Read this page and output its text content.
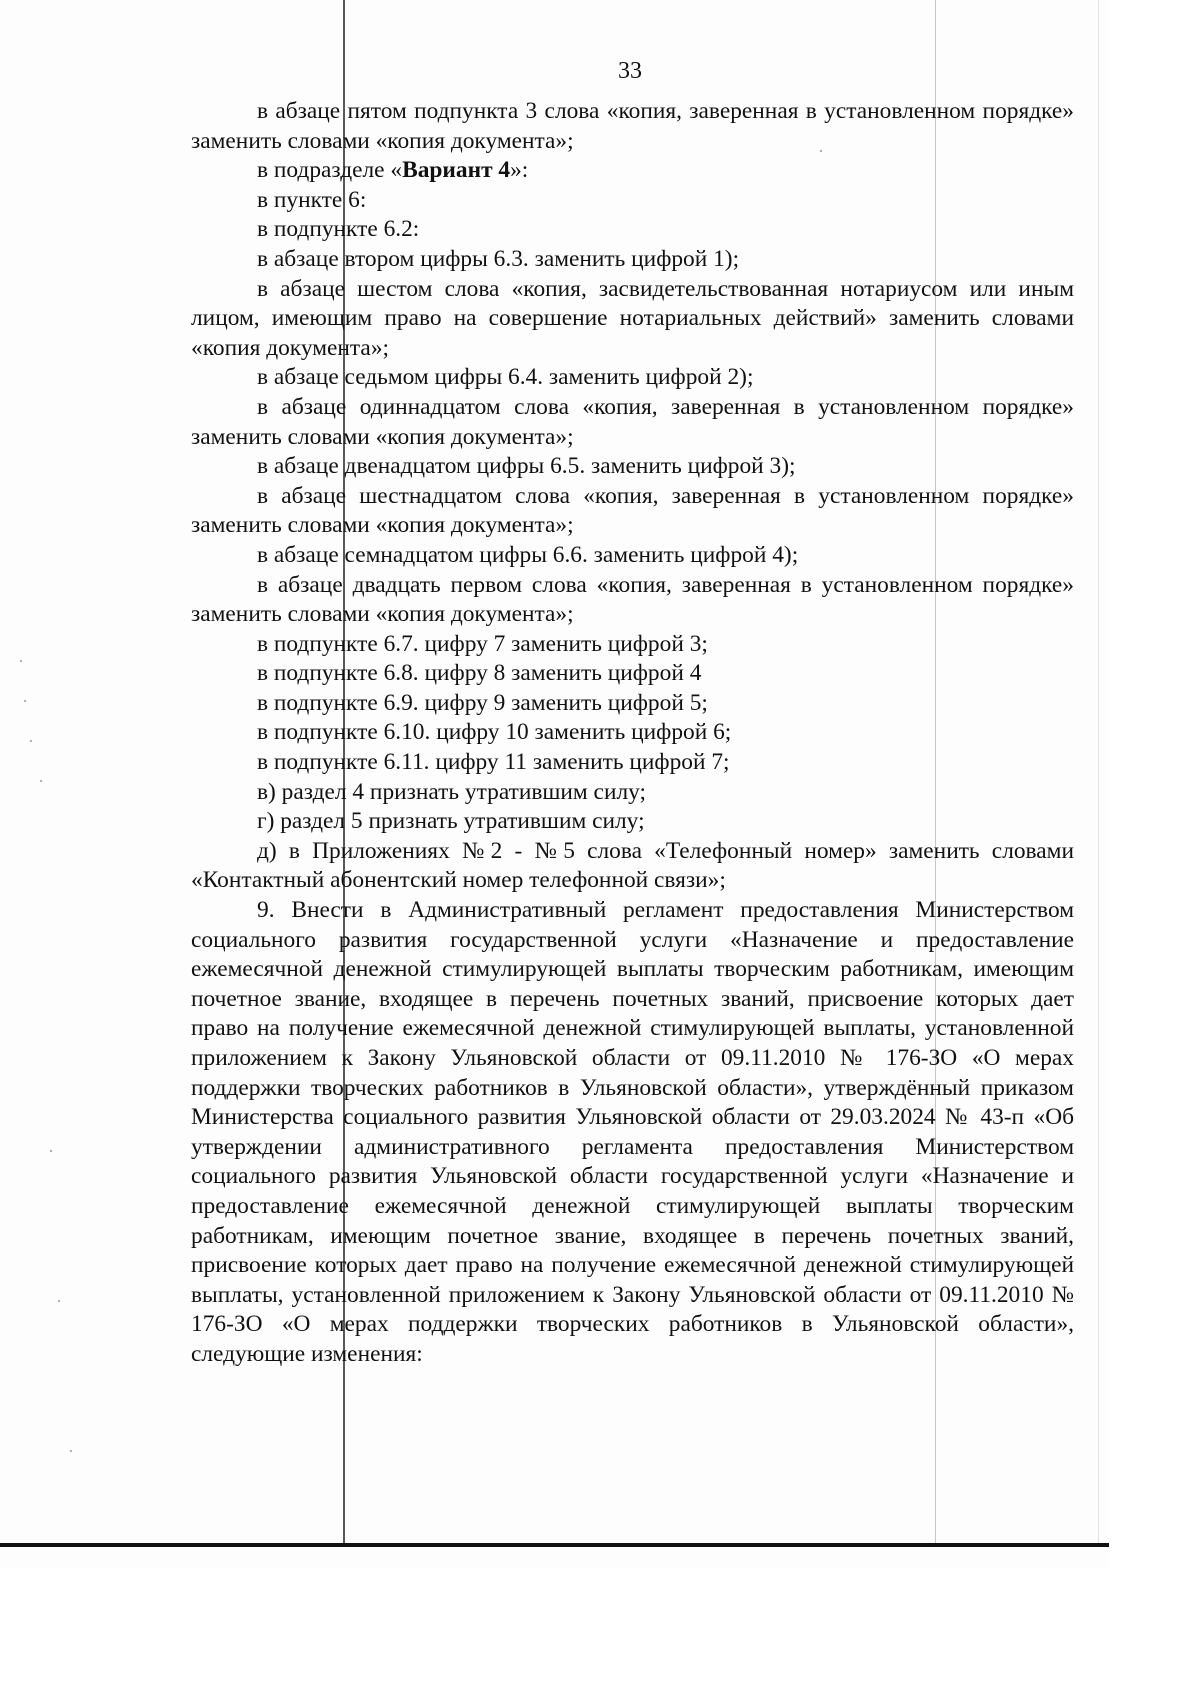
33

в абзаце пятом подпункта 3 слова «копия, заверенная в установленном порядке» заменить словами «копия документа»;

в подразделе «Вариант 4»:

в пункте 6:

в подпункте 6.2:

в абзаце втором цифры 6.3. заменить цифрой 1);

в абзаце шестом слова «копия, засвидетельствованная нотариусом или иным лицом, имеющим право на совершение нотариальных действий» заменить словами «копия документа»;

в абзаце седьмом цифры 6.4. заменить цифрой 2);

в абзаце одиннадцатом слова «копия, заверенная в установленном порядке» заменить словами «копия документа»;

в абзаце двенадцатом цифры 6.5. заменить цифрой 3);

в абзаце шестнадцатом слова «копия, заверенная в установленном порядке» заменить словами «копия документа»;

в абзаце семнадцатом цифры 6.6. заменить цифрой 4);

в абзаце двадцать первом слова «копия, заверенная в установленном порядке» заменить словами «копия документа»;

в подпункте 6.7. цифру 7 заменить цифрой 3;

в подпункте 6.8. цифру 8 заменить цифрой 4

в подпункте 6.9. цифру 9 заменить цифрой 5;

в подпункте 6.10. цифру 10 заменить цифрой 6;

в подпункте 6.11. цифру 11 заменить цифрой 7;

в) раздел 4 признать утратившим силу;

г) раздел 5 признать утратившим силу;

д) в Приложениях №2 - №5 слова «Телефонный номер» заменить словами «Контактный абонентский номер телефонной связи»;

9. Внести в Административный регламент предоставления Министерством социального развития государственной услуги «Назначение и предоставление ежемесячной денежной стимулирующей выплаты творческим работникам, имеющим почетное звание, входящее в перечень почетных званий, присвоение которых дает право на получение ежемесячной денежной стимулирующей выплаты, установленной приложением к Закону Ульяновской области от 09.11.2010 № 176-ЗО «О мерах поддержки творческих работников в Ульяновской области», утверждённый приказом Министерства социального развития Ульяновской области от 29.03.2024 № 43-п «Об утверждении административного регламента предоставления Министерством социального развития Ульяновской области государственной услуги «Назначение и предоставление ежемесячной денежной стимулирующей выплаты творческим работникам, имеющим почетное звание, входящее в перечень почетных званий, присвоение которых дает право на получение ежемесячной денежной стимулирующей выплаты, установленной приложением к Закону Ульяновской области от 09.11.2010 № 176-ЗО «О мерах поддержки творческих работников в Ульяновской области», следующие изменения:
